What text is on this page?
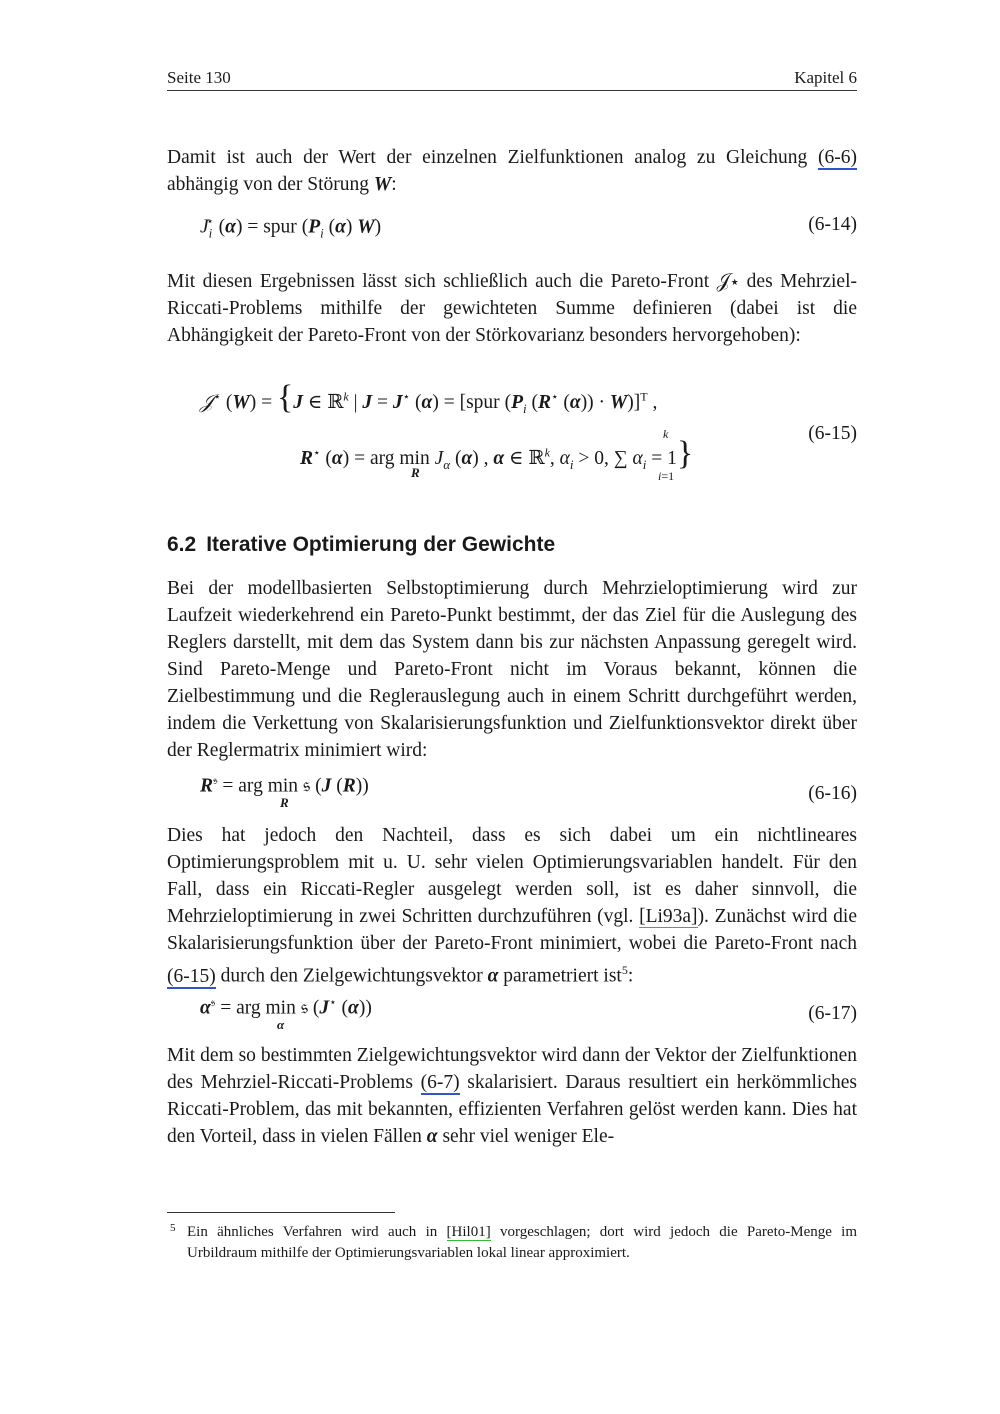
Seite 130	Kapitel 6

Damit ist auch der Wert der einzelnen Zielfunktionen analog zu Gleichung (6-6) abhängig von der Störung W:

$J_i^⋆$ (α) = spur ($P_i$ (α) W)	(6-14)

Mit diesen Ergebnissen lässt sich schließlich auch die Pareto-Front 𝒥⋆ des Mehrziel-Riccati-Problems mithilfe der gewichteten Summe definieren (dabei ist die Abhängigkeit der Pareto-Front von der Störkovarianz besonders hervorgehoben):

𝒥⋆ (W) = {J ∈ ℝ$^k$ | J = J⋆ (α) = [spur ($P_i$ (R⋆ (α)) · W)]$^T$ ,
R⋆ (α) = arg $\min J_\alpha$ (α) , α ∈ ℝ$^k$, $\alpha_i > 0$, ∑ $\alpha_i = 1$}
R
k
i=1
(6-15)
6.2 Iterative Optimierung der Gewichte

Bei der modellbasierten Selbstoptimierung durch Mehrzieloptimierung wird zur Laufzeit wiederkehrend ein Pareto-Punkt bestimmt, der das Ziel für die Auslegung des Reglers darstellt, mit dem das System dann bis zur nächsten Anpassung geregelt wird. Sind Pareto-Menge und Pareto-Front nicht im Voraus bekannt, können die Zielbestimmung und die Reglerauslegung auch in einem Schritt durchgeführt werden, indem die Verkettung von Skalarisierungsfunktion und Zielfunktionsvektor direkt über der Reglermatrix minimiert wird:

$R^𝔰$ = arg min 𝔰 (J (R))
R	(6-16)

Dies hat jedoch den Nachteil, dass es sich dabei um ein nichtlineares Optimierungsproblem mit u. U. sehr vielen Optimierungsvariablen handelt. Für den Fall, dass ein Riccati-Regler ausgelegt werden soll, ist es daher sinnvoll, die Mehrzieloptimierung in zwei Schritten durchzuführen (vgl. [Li93a]). Zunächst wird die Skalarisierungsfunktion über der Pareto-Front minimiert, wobei die Pareto-Front nach (6-15) durch den Zielgewichtungsvektor α parametriert ist$^5$:

$\alpha^𝔰$ = arg min 𝔰 (J⋆ (α))
α
(6-17)

Mit dem so bestimmten Zielgewichtungsvektor wird dann der Vektor der Zielfunktionen des Mehrziel-Riccati-Problems (6-7) skalarisiert. Daraus resultiert ein herkömmliches Riccati-Problem, das mit bekannten, effizienten Verfahren gelöst werden kann. Dies hat den Vorteil, dass in vielen Fällen α sehr viel weniger Ele-

5 Ein ähnliches Verfahren wird auch in [Hil01] vorgeschlagen; dort wird jedoch die Pareto-Menge im Urbildraum mithilfe der Optimierungsvariablen lokal linear approximiert.
